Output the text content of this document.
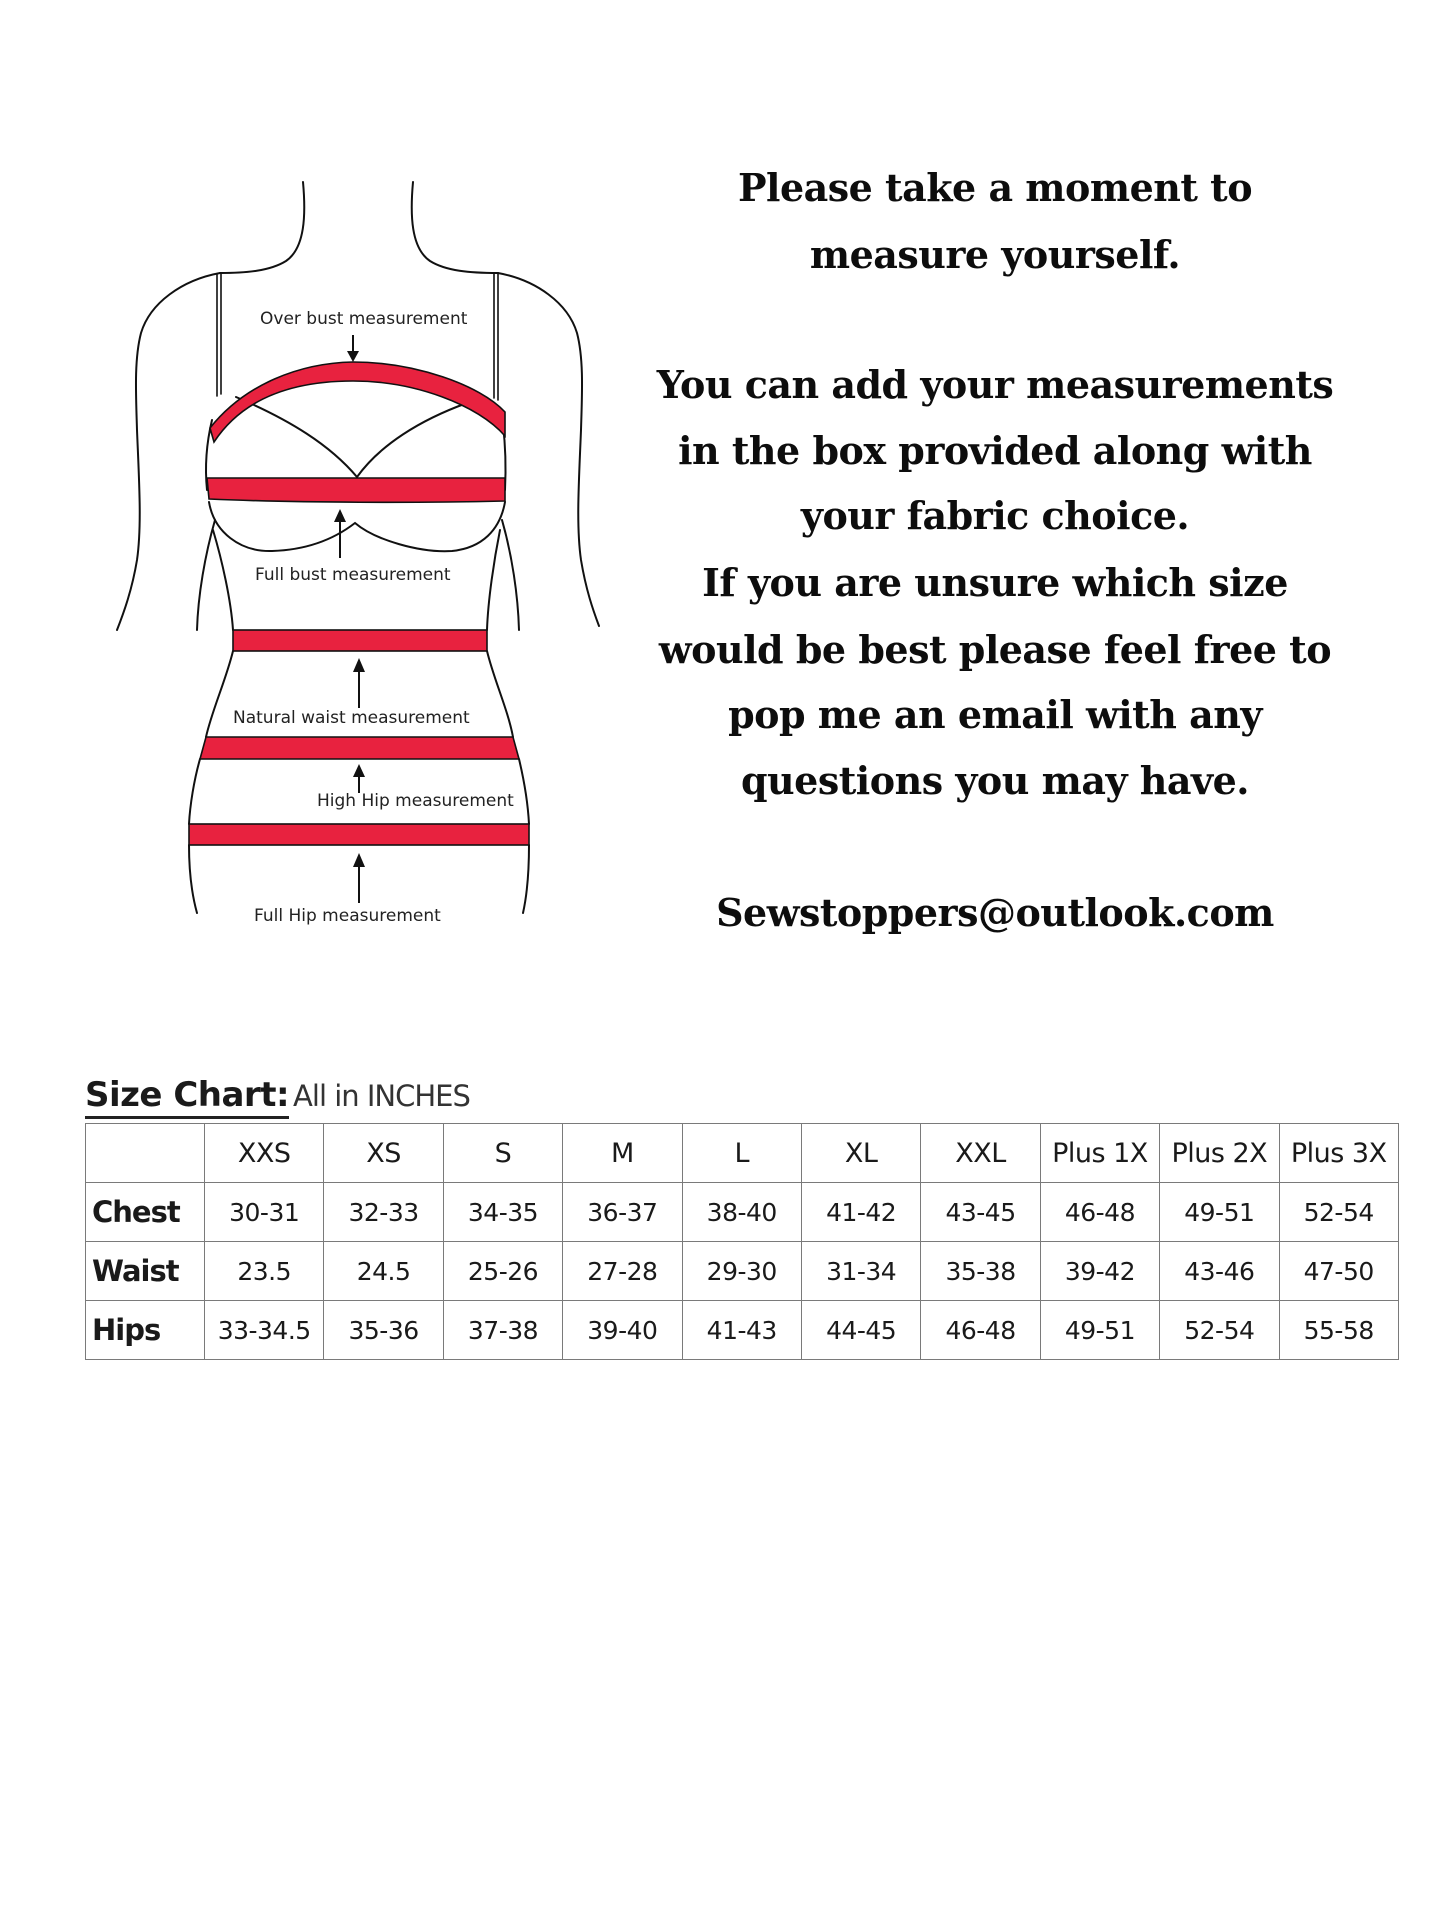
Over bust measurement
Full bust measurement
Natural waist measurement
High Hip measurement
Full Hip measurement
Please take a moment to
measure yourself.
You can add your measurements
in the box provided along with
your fabric choice.
If you are unsure which size
would be best please feel free to
pop me an email with any
questions you may have.
Sewstoppers@outlook.com
Size Chart: All in INCHES
	XXS	XS	S	M	L	XL	XXL	Plus 1X	Plus 2X	Plus 3X
Chest	30-31	32-33	34-35	36-37	38-40	41-42	43-45	46-48	49-51	52-54
Waist	23.5	24.5	25-26	27-28	29-30	31-34	35-38	39-42	43-46	47-50
Hips	33-34.5	35-36	37-38	39-40	41-43	44-45	46-48	49-51	52-54	55-58
